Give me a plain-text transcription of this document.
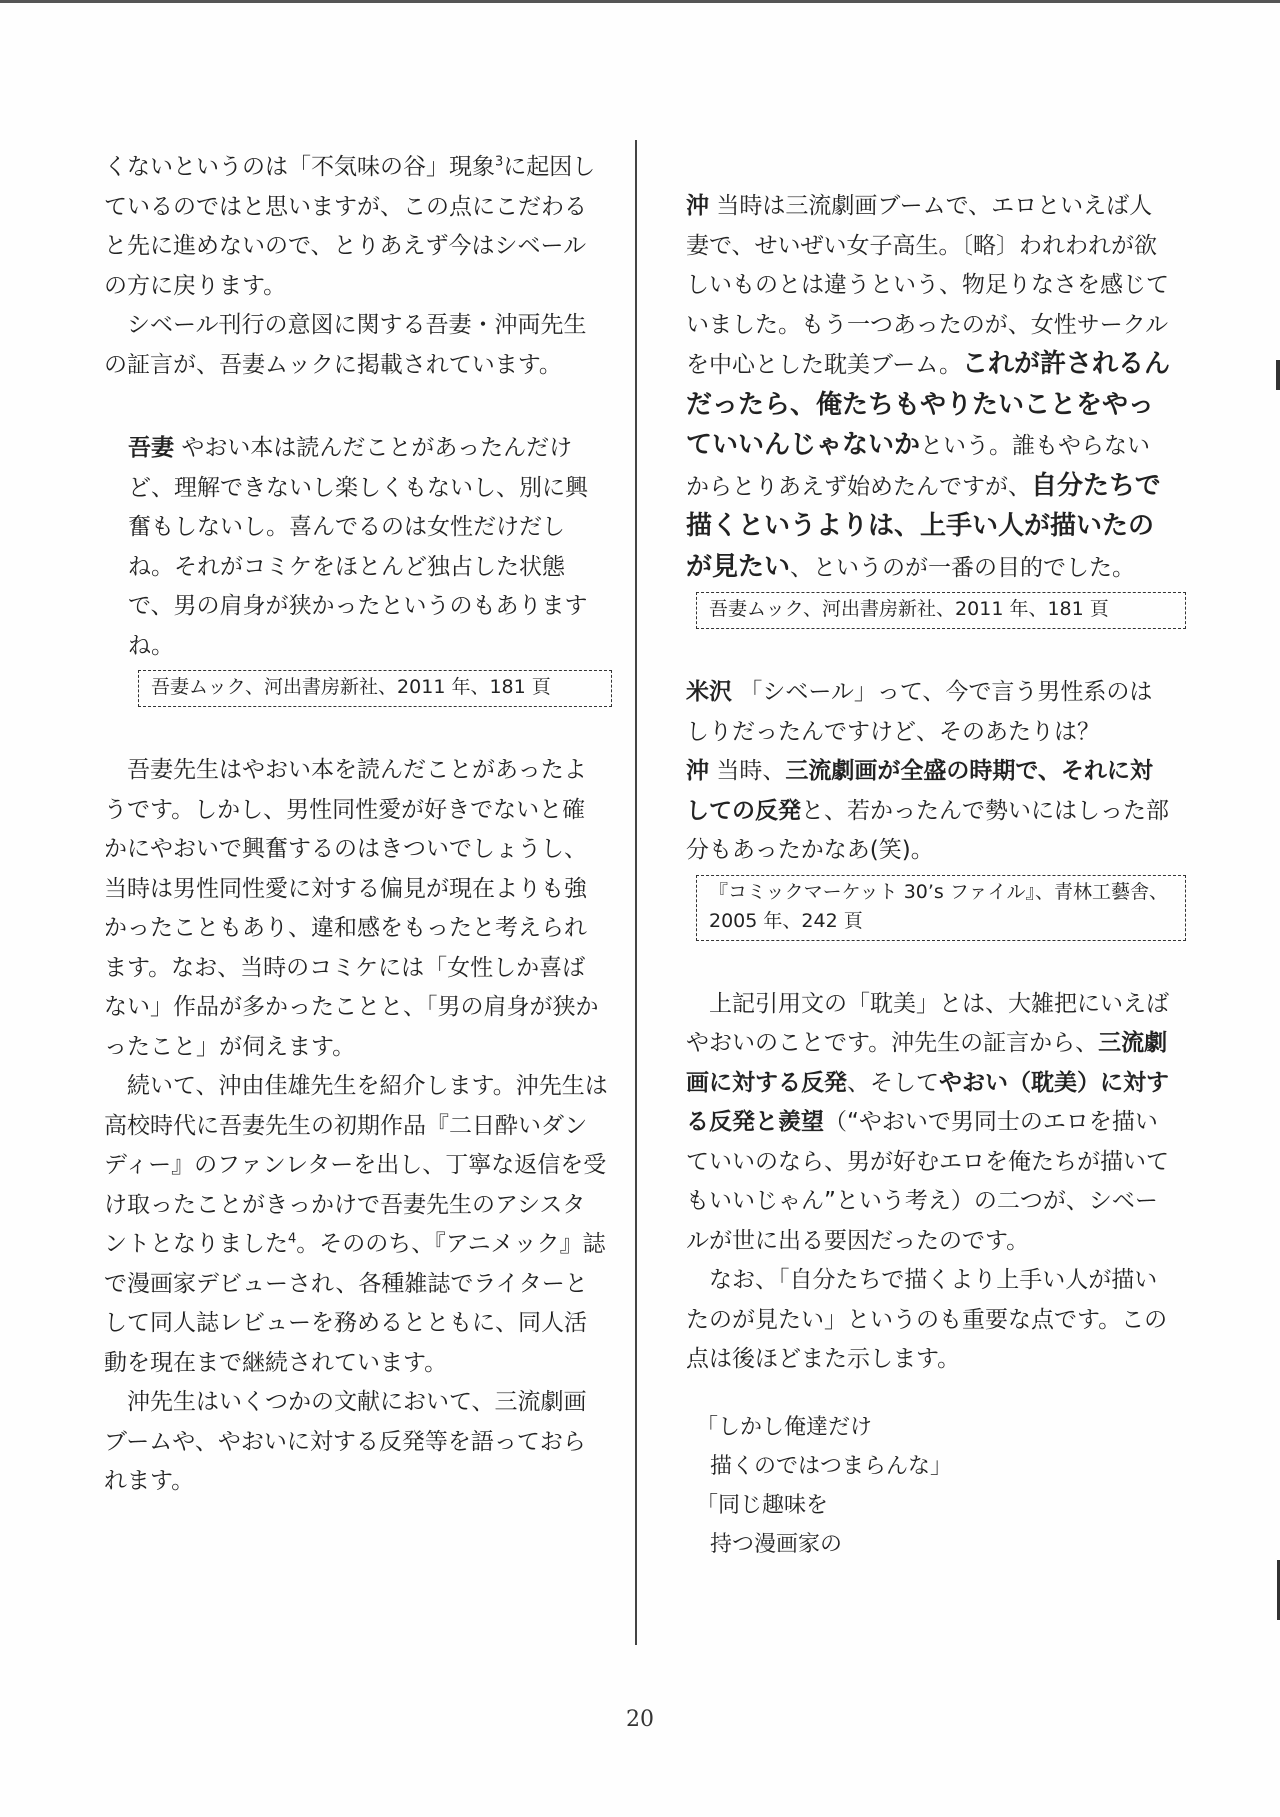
くないというのは「不気味の谷」現象$^3$に起因しているのではと思いますが、この点にこだわると先に進めないので、とりあえず今はシベールの方に戻ります。

シベール刊行の意図に関する吾妻・沖両先生の証言が、吾妻ムックに掲載されています。

吾妻 やおい本は読んだことがあったんだけど、理解できないし楽しくもないし、別に興奮もしないし。喜んでるのは女性だけだしね。それがコミケをほとんど独占した状態で、男の肩身が狭かったというのもありますね。

吾妻ムック、河出書房新社、2011 年、181 頁

吾妻先生はやおい本を読んだことがあったようです。しかし、男性同性愛が好きでないと確かにやおいで興奮するのはきついでしょうし、当時は男性同性愛に対する偏見が現在よりも強かったこともあり、違和感をもったと考えられます。なお、当時のコミケには「女性しか喜ばない」作品が多かったことと、「男の肩身が狭かったこと」が伺えます。

続いて、沖由佳雄先生を紹介します。沖先生は高校時代に吾妻先生の初期作品『二日酔いダンディー』のファンレターを出し、丁寧な返信を受け取ったことがきっかけで吾妻先生のアシスタントとなりました$^4$。そののち、『アニメック』誌で漫画家デビューされ、各種雑誌でライターとして同人誌レビューを務めるとともに、同人活動を現在まで継続されています。

沖先生はいくつかの文献において、三流劇画ブームや、やおいに対する反発等を語っておられます。

沖 当時は三流劇画ブームで、エロといえば人妻で、せいぜい女子高生。〔略〕われわれが欲しいものとは違うという、物足りなさを感じていました。もう一つあったのが、女性サークルを中心とした耽美ブーム。これが許されるんだったら、俺たちもやりたいことをやっていいんじゃないかという。誰もやらないからとりあえず始めたんですが、自分たちで描くというよりは、上手い人が描いたのが見たい、というのが一番の目的でした。

吾妻ムック、河出書房新社、2011 年、181 頁

米沢 「シベール」って、今で言う男性系のはしりだったんですけど、そのあたりは？

沖 当時、三流劇画が全盛の時期で、それに対しての反発と、若かったんで勢いにはしった部分もあったかなあ(笑)。

『コミックマーケット 30’s ファイル』、青林工藝舎、2005 年、242 頁

上記引用文の「耽美」とは、大雑把にいえばやおいのことです。沖先生の証言から、三流劇画に対する反発、そしてやおい（耽美）に対する反発と羨望（“やおいで男同士のエロを描いていいのなら、男が好むエロを俺たちが描いてもいいじゃん”という考え）の二つが、シベールが世に出る要因だったのです。

なお、「自分たちで描くより上手い人が描いたのが見たい」というのも重要な点です。この点は後ほどまた示します。

「しかし俺達だけ
描くのではつまらんな」
「同じ趣味を
持つ漫画家の
20
